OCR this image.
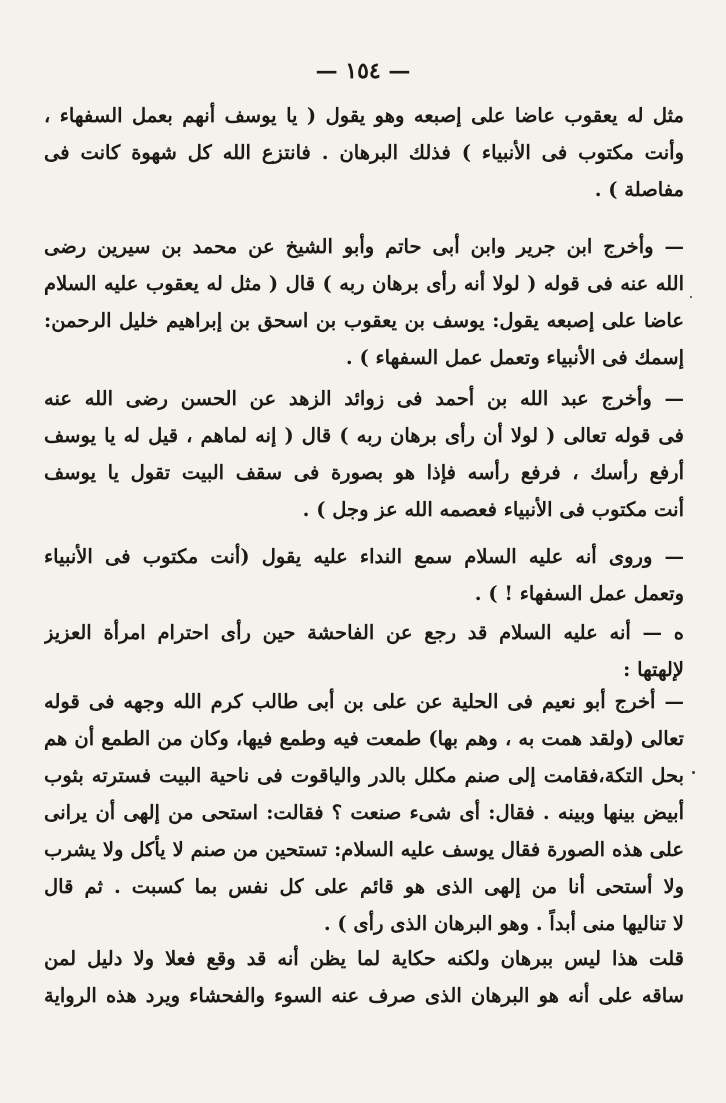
— ١٥٤ —
مثل له يعقوب عاضا على إصبعه وهو يقول ( يا يوسف أنهم بعمل السفهاء ،
وأنت مكتوب فى الأنبياء ) فذلك البرهان . فانتزع الله كل شهوة كانت فى
مفاصلة ) .
— وأخرج ابن جرير وابن أبى حاتم وأبو الشيخ عن محمد بن سيرين رضى
الله عنه فى قوله ( لولا أنه رأى برهان ربه ) قال ( مثل له يعقوب عليه السلام
عاضا على إصبعه يقول: يوسف بن يعقوب بن اسحق بن إبراهيم خليل الرحمن:
إسمك فى الأنبياء وتعمل عمل السفهاء ) .
— وأخرج عبد الله بن أحمد فى زوائد الزهد عن الحسن رضى الله عنه
فى قوله تعالى ( لولا أن رأى برهان ربه ) قال ( إنه لماهم ، قيل له يا يوسف
أرفع رأسك ، فرفع رأسه فإذا هو بصورة فى سقف البيت تقول يا يوسف
أنت مكتوب فى الأنبياء فعصمه الله عز وجل ) .
— وروى أنه عليه السلام سمع النداء عليه يقول (أنت مكتوب فى الأنبياء
وتعمل عمل السفهاء ! ) .
ه — أنه عليه السلام قد رجع عن الفاحشة حين رأى احترام امرأة العزيز
لإلهتها :
— أخرج أبو نعيم فى الحلية عن على بن أبى طالب كرم الله وجهه فى قوله
تعالى (ولقد همت به ، وهم بها) طمعت فيه وطمع فيها، وكان من الطمع أن هم
بحل التكة،فقامت إلى صنم مكلل بالدر والياقوت فى ناحية البيت فسترته بثوب
أبيض بينها وبينه . فقال: أى شىء صنعت ؟ فقالت: استحى من إلهى أن يرانى
على هذه الصورة فقال يوسف عليه السلام: تستحين من صنم لا يأكل ولا يشرب
ولا أستحى أنا من إلهى الذى هو قائم على كل نفس بما كسبت . ثم قال
لا تناليها منى أبداً . وهو البرهان الذى رأى ) .
قلت هذا ليس ببرهان ولكنه حكاية لما يظن أنه قد وقع فعلا ولا دليل لمن
ساقه على أنه هو البرهان الذى صرف عنه السوء والفحشاء ويرد هذه الرواية
